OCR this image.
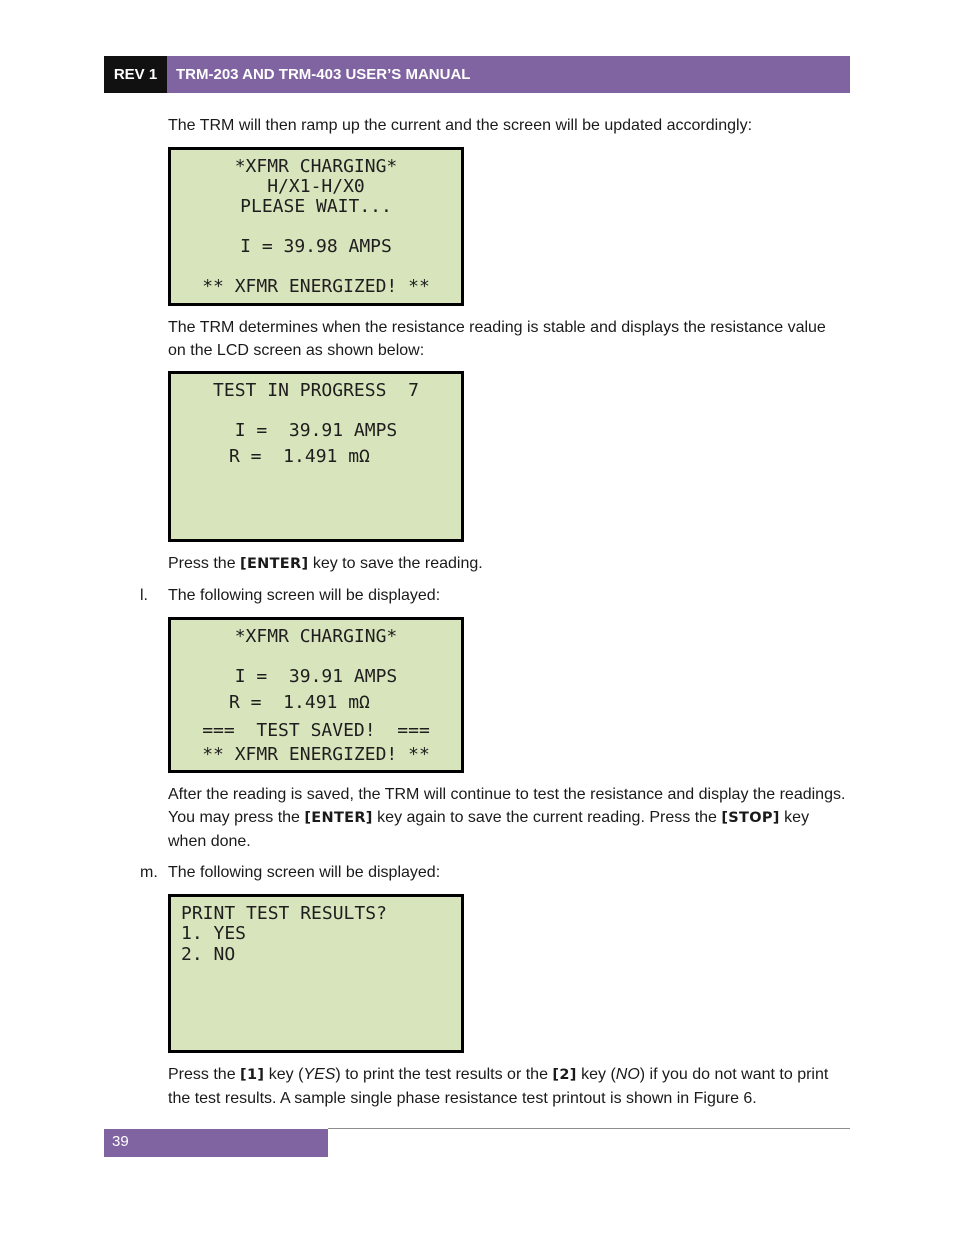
REV 1	TRM-203 AND TRM-403 USER’S MANUAL
The TRM will then ramp up the current and the screen will be updated accordingly:
*XFMR CHARGING*
H/X1-H/X0
PLEASE WAIT...
I = 39.98 AMPS
** XFMR ENERGIZED! **
The TRM determines when the resistance reading is stable and displays the resistance value on the LCD screen as shown below:
TEST IN PROGRESS  7
I =  39.91 AMPS
R =  1.491 mΩ
Press the [ENTER] key to save the reading.
l. The following screen will be displayed:
*XFMR CHARGING*
I =  39.91 AMPS
R =  1.491 mΩ
===  TEST SAVED!  ===
** XFMR ENERGIZED! **
After the reading is saved, the TRM will continue to test the resistance and display the readings. You may press the [ENTER] key again to save the current reading. Press the [STOP] key when done.
m. The following screen will be displayed:
PRINT TEST RESULTS?
1. YES
2. NO
Press the [1] key (YES) to print the test results or the [2] key (NO) if you do not want to print the test results. A sample single phase resistance test printout is shown in Figure 6.
39
